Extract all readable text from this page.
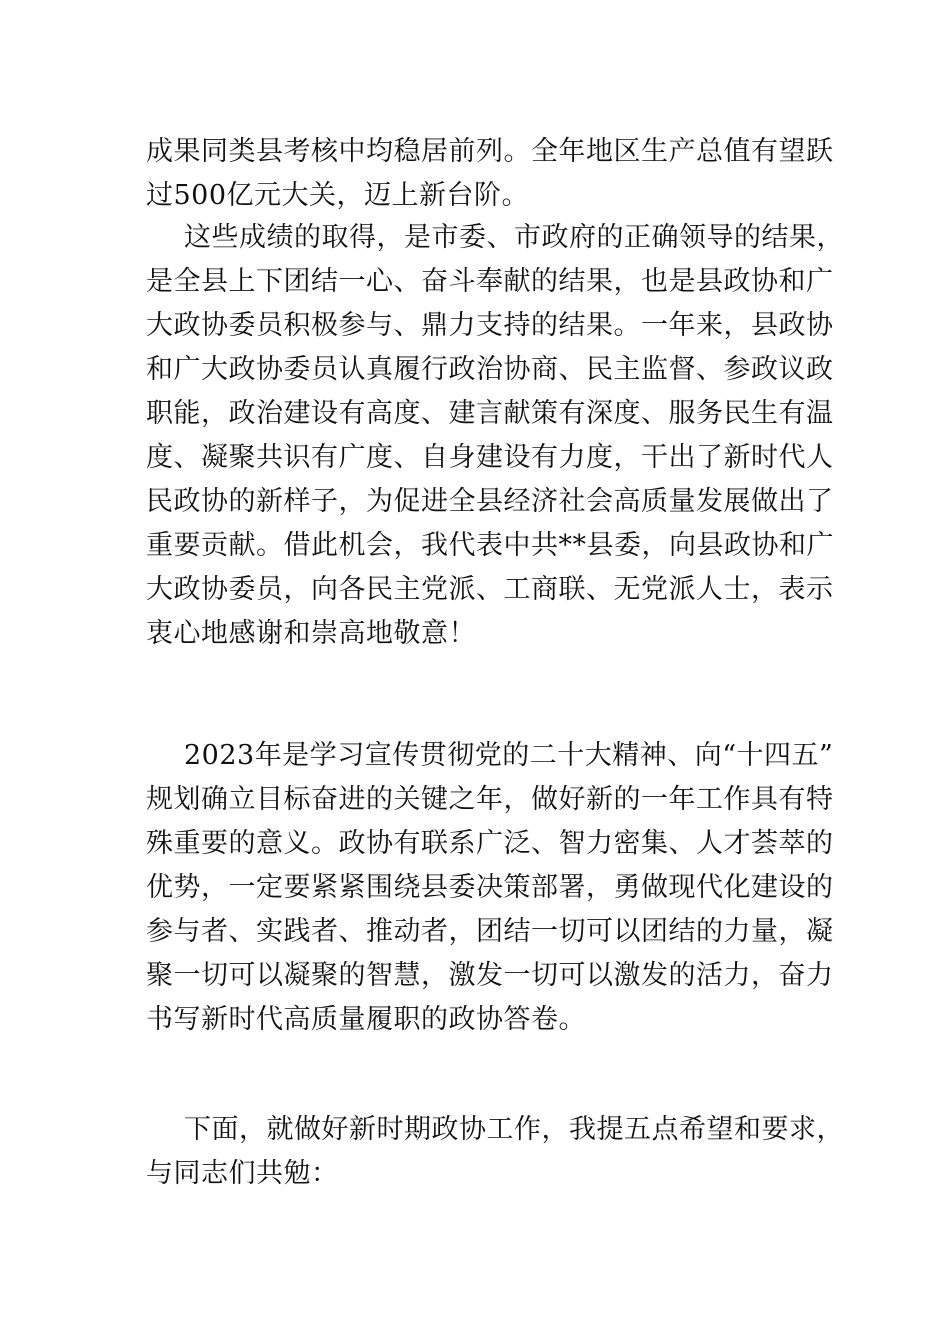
成果同类县考核中均稳居前列。全年地区生产总值有望跃
过500亿元大关，迈上新台阶。
这些成绩的取得，是市委、市政府的正确领导的结果，
是全县上下团结一心、奋斗奉献的结果，也是县政协和广
大政协委员积极参与、鼎力支持的结果。一年来，县政协
和广大政协委员认真履行政治协商、民主监督、参政议政
职能，政治建设有高度、建言献策有深度、服务民生有温
度、凝聚共识有广度、自身建设有力度，干出了新时代人
民政协的新样子，为促进全县经济社会高质量发展做出了
重要贡献。借此机会，我代表中共**县委，向县政协和广
大政协委员，向各民主党派、工商联、无党派人士，表示
衷心地感谢和崇高地敬意！
2023年是学习宣传贯彻党的二十大精神、向“十四五”
规划确立目标奋进的关键之年，做好新的一年工作具有特
殊重要的意义。政协有联系广泛、智力密集、人才荟萃的
优势，一定要紧紧围绕县委决策部署，勇做现代化建设的
参与者、实践者、推动者，团结一切可以团结的力量，凝
聚一切可以凝聚的智慧，激发一切可以激发的活力，奋力
书写新时代高质量履职的政协答卷。
下面，就做好新时期政协工作，我提五点希望和要求，
与同志们共勉：
